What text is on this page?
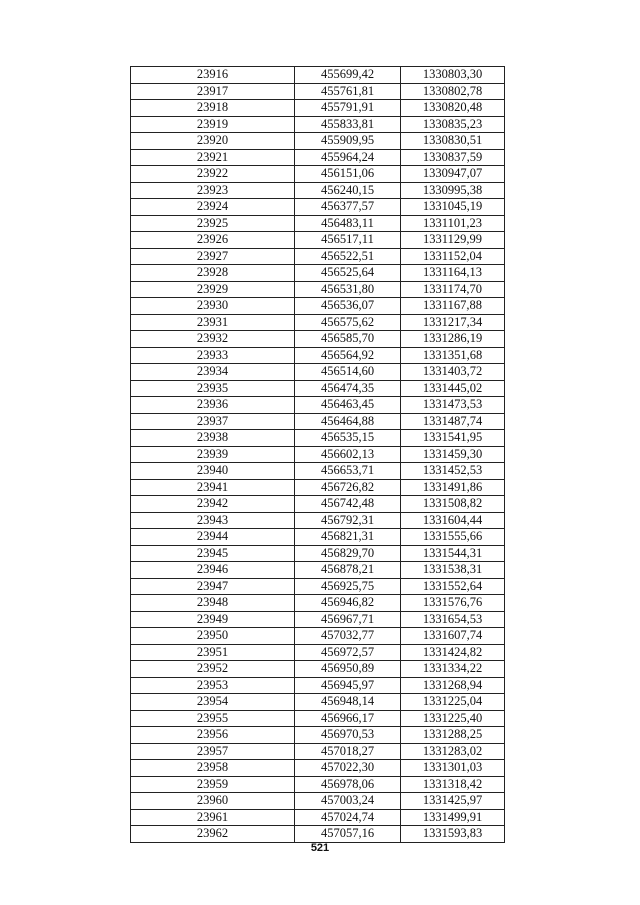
23916	455699,42	1330803,30
23917	455761,81	1330802,78
23918	455791,91	1330820,48
23919	455833,81	1330835,23
23920	455909,95	1330830,51
23921	455964,24	1330837,59
23922	456151,06	1330947,07
23923	456240,15	1330995,38
23924	456377,57	1331045,19
23925	456483,11	1331101,23
23926	456517,11	1331129,99
23927	456522,51	1331152,04
23928	456525,64	1331164,13
23929	456531,80	1331174,70
23930	456536,07	1331167,88
23931	456575,62	1331217,34
23932	456585,70	1331286,19
23933	456564,92	1331351,68
23934	456514,60	1331403,72
23935	456474,35	1331445,02
23936	456463,45	1331473,53
23937	456464,88	1331487,74
23938	456535,15	1331541,95
23939	456602,13	1331459,30
23940	456653,71	1331452,53
23941	456726,82	1331491,86
23942	456742,48	1331508,82
23943	456792,31	1331604,44
23944	456821,31	1331555,66
23945	456829,70	1331544,31
23946	456878,21	1331538,31
23947	456925,75	1331552,64
23948	456946,82	1331576,76
23949	456967,71	1331654,53
23950	457032,77	1331607,74
23951	456972,57	1331424,82
23952	456950,89	1331334,22
23953	456945,97	1331268,94
23954	456948,14	1331225,04
23955	456966,17	1331225,40
23956	456970,53	1331288,25
23957	457018,27	1331283,02
23958	457022,30	1331301,03
23959	456978,06	1331318,42
23960	457003,24	1331425,97
23961	457024,74	1331499,91
23962	457057,16	1331593,83
521
